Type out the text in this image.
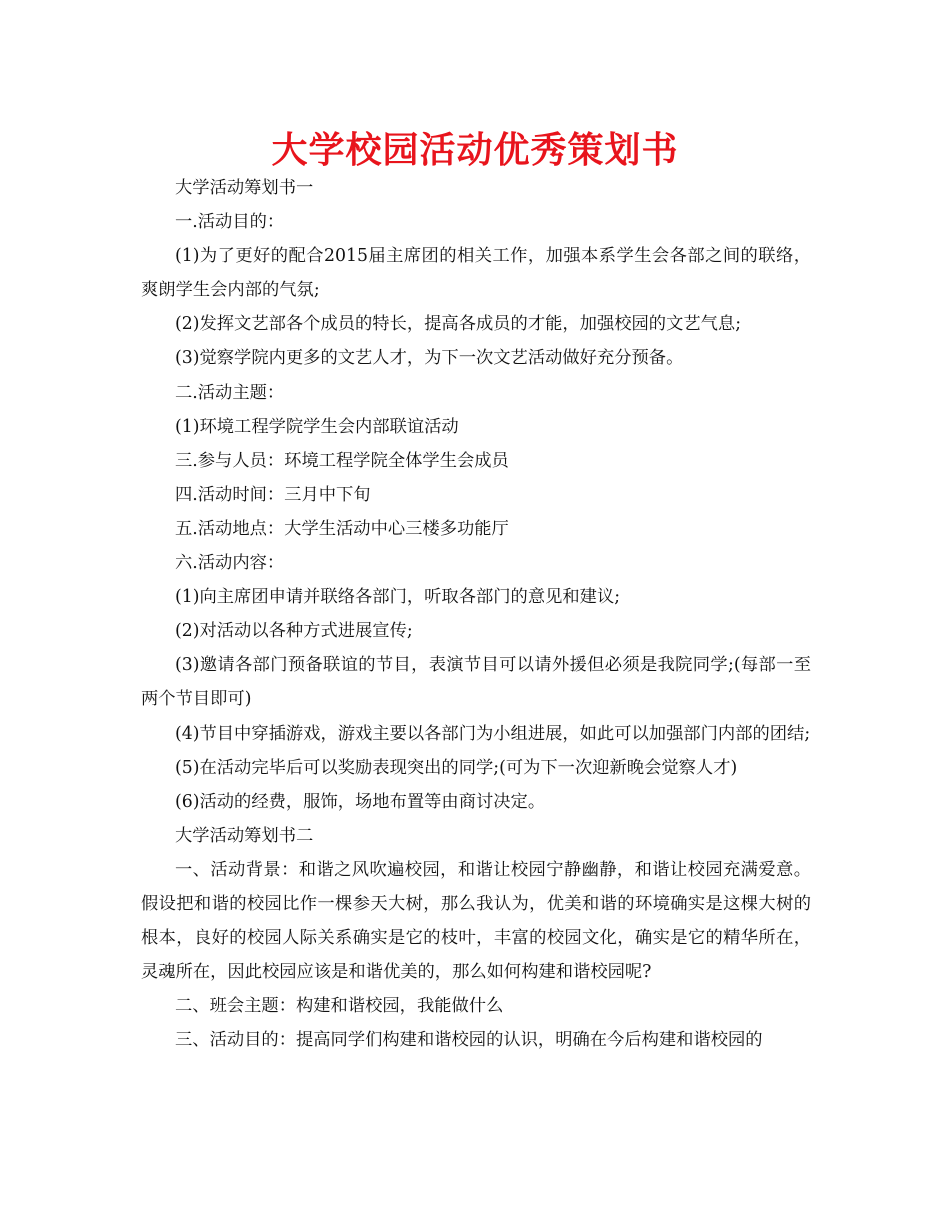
大学校园活动优秀策划书

大学活动筹划书一

一.活动目的：

(1)为了更好的配合2015届主席团的相关工作，加强本系学生会各部之间的联络，爽朗学生会内部的气氛;

(2)发挥文艺部各个成员的特长，提高各成员的才能，加强校园的文艺气息;

(3)觉察学院内更多的文艺人才，为下一次文艺活动做好充分预备。

二.活动主题：

(1)环境工程学院学生会内部联谊活动

三.参与人员：环境工程学院全体学生会成员

四.活动时间：三月中下旬

五.活动地点：大学生活动中心三楼多功能厅

六.活动内容：

(1)向主席团申请并联络各部门，听取各部门的意见和建议;

(2)对活动以各种方式进展宣传;

(3)邀请各部门预备联谊的节目，表演节目可以请外援但必须是我院同学;(每部一至两个节目即可)

(4)节目中穿插游戏，游戏主要以各部门为小组进展，如此可以加强部门内部的团结;

(5)在活动完毕后可以奖励表现突出的同学;(可为下一次迎新晚会觉察人才)

(6)活动的经费，服饰，场地布置等由商讨决定。

大学活动筹划书二

一、活动背景：和谐之风吹遍校园，和谐让校园宁静幽静，和谐让校园充满爱意。假设把和谐的校园比作一棵参天大树，那么我认为，优美和谐的环境确实是这棵大树的根本，良好的校园人际关系确实是它的枝叶，丰富的校园文化，确实是它的精华所在，灵魂所在，因此校园应该是和谐优美的，那么如何构建和谐校园呢?

二、班会主题：构建和谐校园，我能做什么

三、活动目的：提高同学们构建和谐校园的认识，明确在今后构建和谐校园的
